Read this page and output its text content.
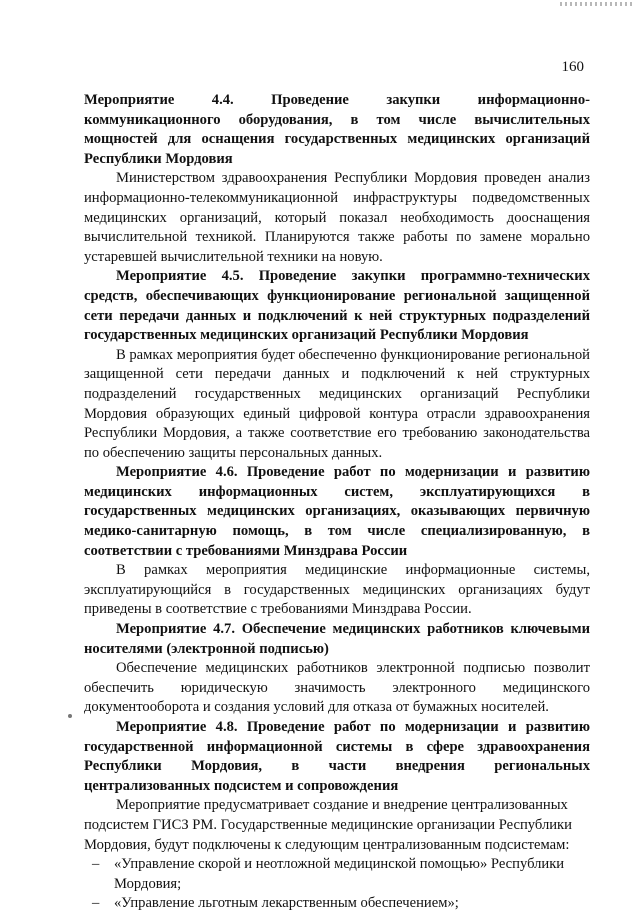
160

Мероприятие 4.4. Проведение закупки информационно-коммуникационного оборудования, в том числе вычислительных мощностей для оснащения государственных медицинских организаций Республики Мордовия

Министерством здравоохранения Республики Мордовия проведен анализ информационно-телекоммуникационной инфраструктуры подведомственных медицинских организаций, который показал необходимость дооснащения вычислительной техникой. Планируются также работы по замене морально устаревшей вычислительной техники на новую.

Мероприятие 4.5. Проведение закупки программно-технических средств, обеспечивающих функционирование региональной защищенной сети передачи данных и подключений к ней структурных подразделений государственных медицинских организаций Республики Мордовия

В рамках мероприятия будет обеспеченно функционирование региональной защищенной сети передачи данных и подключений к ней структурных подразделений государственных медицинских организаций Республики Мордовия образующих единый цифровой контура отрасли здравоохранения Республики Мордовия, а также соответствие его требованию законодательства по обеспечению защиты персональных данных.

Мероприятие 4.6. Проведение работ по модернизации и развитию медицинских информационных систем, эксплуатирующихся в государственных медицинских организациях, оказывающих первичную медико-санитарную помощь, в том числе специализированную, в соответствии с требованиями Минздрава России

В рамках мероприятия медицинские информационные системы, эксплуатирующийся в государственных медицинских организациях будут приведены в соответствие с требованиями Минздрава России.

Мероприятие 4.7. Обеспечение медицинских работников ключевыми носителями (электронной подписью)

Обеспечение медицинских работников электронной подписью позволит обеспечить юридическую значимость электронного медицинского документооборота и создания условий для отказа от бумажных носителей.

Мероприятие 4.8. Проведение работ по модернизации и развитию государственной информационной системы в сфере здравоохранения Республики Мордовия, в части внедрения региональных централизованных подсистем и сопровождения

Мероприятие предусматривает создание и внедрение централизованных подсистем ГИСЗ РМ. Государственные медицинские организации Республики Мордовия, будут подключены к следующим централизованным подсистемам:

–	«Управление скорой и неотложной медицинской помощью» Республики Мордовия;
–	«Управление льготным лекарственным обеспечением»;
